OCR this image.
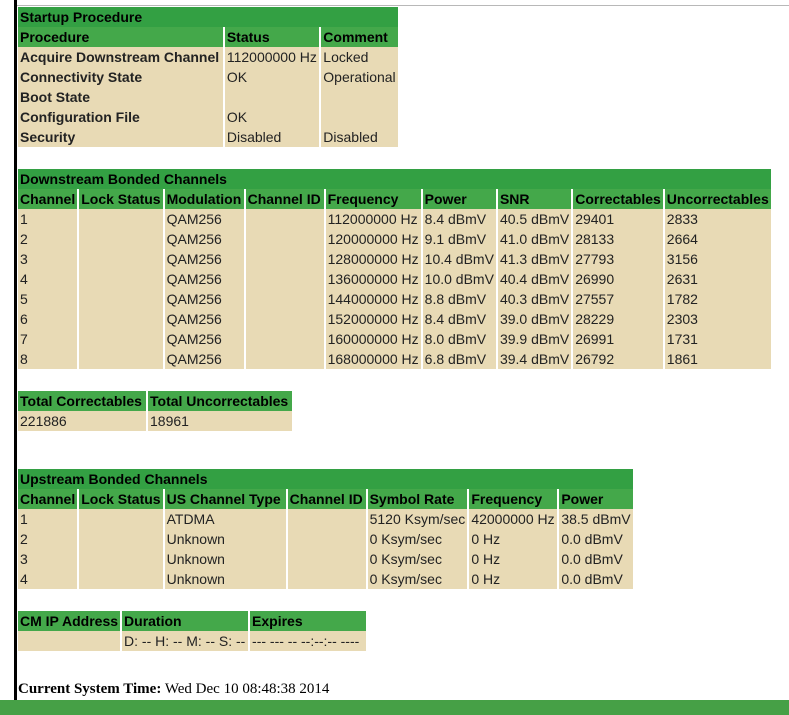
Startup Procedure		
Procedure	Status	Comment
Acquire Downstream Channel	112000000 Hz	Locked
Connectivity State	OK	Operational
Boot State		
Configuration File	OK	
Security	Disabled	Disabled
Downstream Bonded Channels								
Channel	Lock Status	Modulation	Channel ID	Frequency	Power	SNR	Correctables	Uncorrectables
1		QAM256		112000000 Hz	8.4 dBmV	40.5 dBmV	29401	2833
2		QAM256		120000000 Hz	9.1 dBmV	41.0 dBmV	28133	2664
3		QAM256		128000000 Hz	10.4 dBmV	41.3 dBmV	27793	3156
4		QAM256		136000000 Hz	10.0 dBmV	40.4 dBmV	26990	2631
5		QAM256		144000000 Hz	8.8 dBmV	40.3 dBmV	27557	1782
6		QAM256		152000000 Hz	8.4 dBmV	39.0 dBmV	28229	2303
7		QAM256		160000000 Hz	8.0 dBmV	39.9 dBmV	26991	1731
8		QAM256		168000000 Hz	6.8 dBmV	39.4 dBmV	26792	1861
Total Correctables	Total Uncorrectables
221886	18961
Upstream Bonded Channels						
Channel	Lock Status	US Channel Type	Channel ID	Symbol Rate	Frequency	Power
1		ATDMA		5120 Ksym/sec	42000000 Hz	38.5 dBmV
2		Unknown		0 Ksym/sec	0 Hz	0.0 dBmV
3		Unknown		0 Ksym/sec	0 Hz	0.0 dBmV
4		Unknown		0 Ksym/sec	0 Hz	0.0 dBmV
CM IP Address	Duration	Expires
	D: -- H: -- M: -- S: --	--- --- -- --:--:-- ----
Current System Time: Wed Dec 10 08:48:38 2014
